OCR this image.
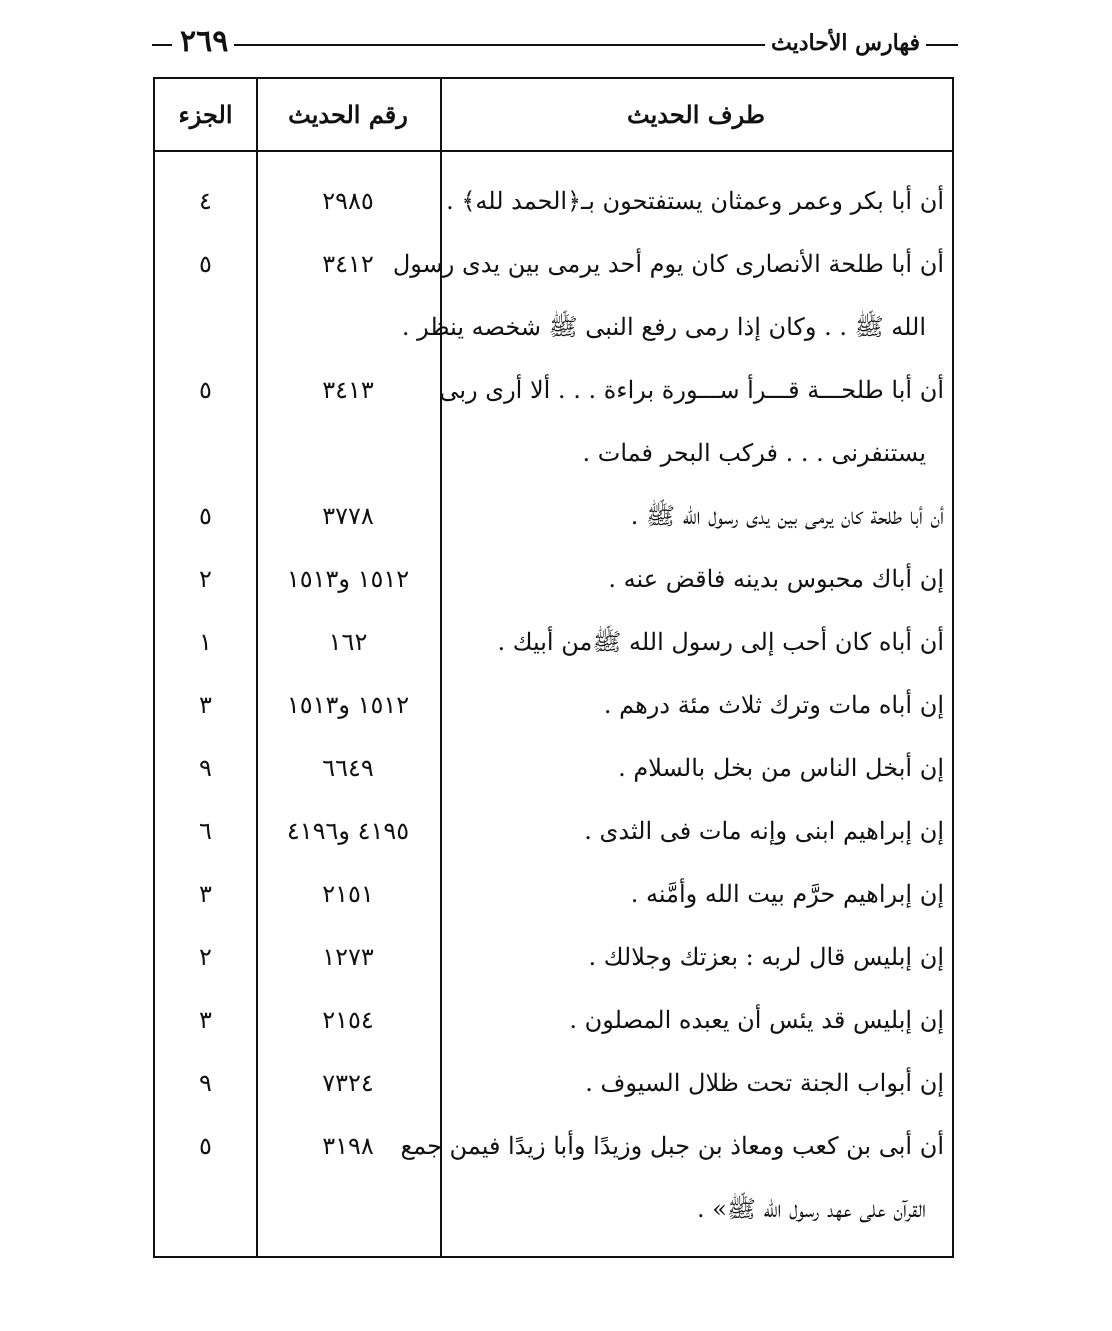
٢٦٩	فهارس الأحاديث
طرف الحديث
رقم الحديث
الجزء
أن أبا بكر وعمر وعمثان يستفتحون بـ﴿الحمد لله﴾ .
٢٩٨٥
٤
أن أبا طلحة الأنصارى كان يوم أحد يرمى بين يدى رسول
الله ﷺ . . وكان إذا رمى رفع النبى ﷺ شخصه ينظر .
٣٤١٢
٥
أن أبا طلحـــة قـــرأ ســـورة براءة . . . ألا أرى ربى
يستنفرنى . . . فركب البحر فمات .
٣٤١٣
٥
أن أبا طلحة كان يرمى بين يدى رسول الله ﷺ .
٣٧٧٨
٥
إن أباك محبوس بدينه فاقض عنه .
١٥١٢ و١٥١٣
٢
أن أباه كان أحب إلى رسول الله ﷺمن أبيك .
١٦٢
١
إن أباه مات وترك ثلاث مئة درهم .
١٥١٢ و١٥١٣
٣
إن أبخل الناس من بخل بالسلام .
٦٦٤٩
٩
إن إبراهيم ابنى وإنه مات فى الثدى .
٤١٩٥ و٤١٩٦
٦
إن إبراهيم حرَّم بيت الله وأمَّنه .
٢١٥١
٣
إن إبليس قال لربه : بعزتك وجلالك .
١٢٧٣
٢
إن إبليس قد يئس أن يعبده المصلون .
٢١٥٤
٣
إن أبواب الجنة تحت ظلال السيوف .
٧٣٢٤
٩
أن أبى بن كعب ومعاذ بن جبل وزيدًا وأبا زيدًا فيمن جمع
القرآن على عهد رسول الله ﷺ» .
٣١٩٨
٥
